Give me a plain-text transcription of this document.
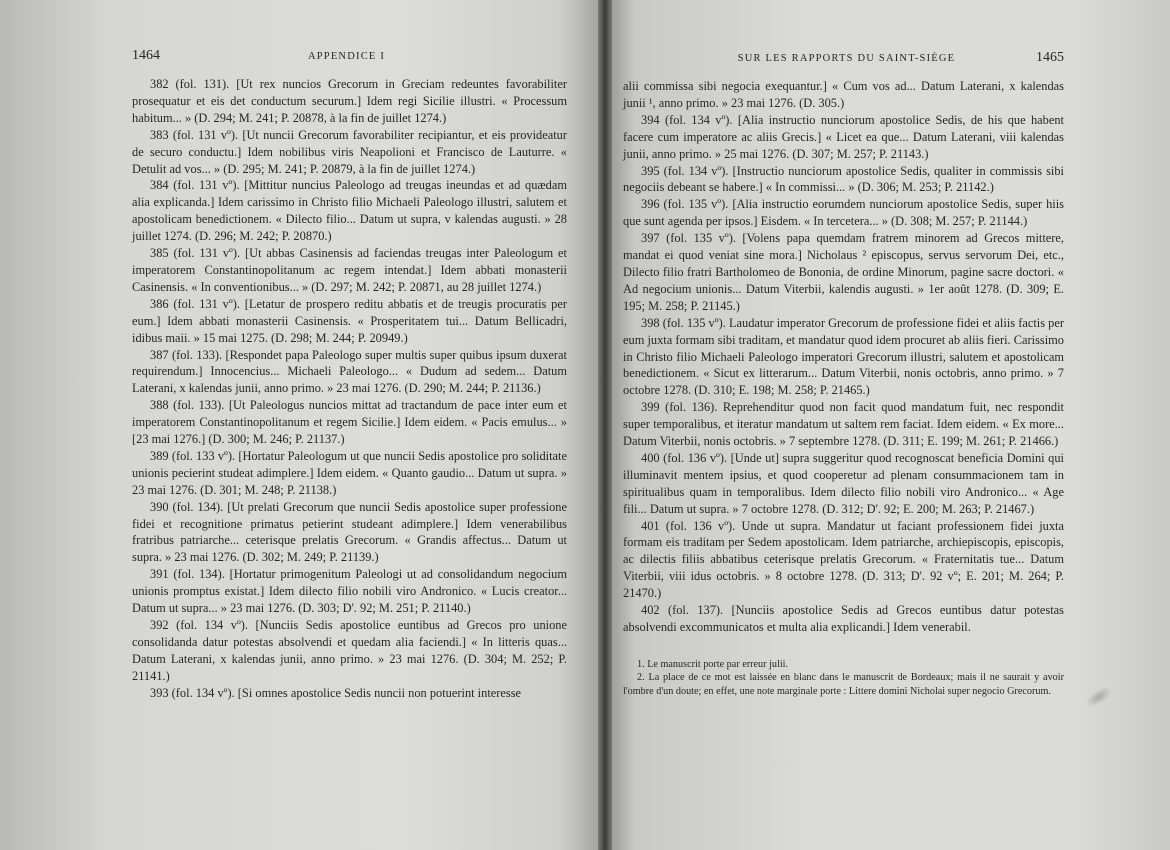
1464	APPENDICE I

382 (fol. 131). [Ut rex nuncios Grecorum in Greciam redeuntes favorabiliter prosequatur et eis det conductum securum.] Idem regi Sicilie illustri. « Processum habitum... » (D. 294; M. 241; P. 20878, à la fin de juillet 1274.)

383 (fol. 131 vº). [Ut nuncii Grecorum favorabiliter recipiantur, et eis provideatur de securo conductu.] Idem nobilibus viris Neapolioni et Francisco de Lauturre. « Detulit ad vos... » (D. 295; M. 241; P. 20879, à la fin de juillet 1274.)

384 (fol. 131 vº). [Mittitur nuncius Paleologo ad treugas ineundas et ad quædam alia explicanda.] Idem carissimo in Christo filio Michaeli Paleologo illustri, salutem et apostolicam benedictionem. « Dilecto filio... Datum ut supra, v kalendas augusti. » 28 juillet 1274. (D. 296; M. 242; P. 20870.)

385 (fol. 131 vº). [Ut abbas Casinensis ad faciendas treugas inter Paleologum et imperatorem Constantinopolitanum ac regem intendat.] Idem abbati monasterii Casinensis. « In conventionibus... » (D. 297; M. 242; P. 20871, au 28 juillet 1274.)

386 (fol. 131 vº). [Letatur de prospero reditu abbatis et de treugis procuratis per eum.] Idem abbati monasterii Casinensis. « Prosperitatem tui... Datum Bellicadri, idibus maii. » 15 mai 1275. (D. 298; M. 244; P. 20949.)

387 (fol. 133). [Respondet papa Paleologo super multis super quibus ipsum duxerat requirendum.] Innocencius... Michaeli Paleologo... « Dudum ad sedem... Datum Laterani, x kalendas junii, anno primo. » 23 mai 1276. (D. 290; M. 244; P. 21136.)

388 (fol. 133). [Ut Paleologus nuncios mittat ad tractandum de pace inter eum et imperatorem Constantinopolitanum et regem Sicilie.] Idem eidem. « Pacis emulus... » [23 mai 1276.] (D. 300; M. 246; P. 21137.)

389 (fol. 133 vº). [Hortatur Paleologum ut que nuncii Sedis apostolice pro soliditate unionis pecierint studeat adimplere.] Idem eidem. « Quanto gaudio... Datum ut supra. » 23 mai 1276. (D. 301; M. 248; P. 21138.)

390 (fol. 134). [Ut prelati Grecorum que nuncii Sedis apostolice super professione fidei et recognitione primatus petierint studeant adimplere.] Idem venerabilibus fratribus patriarche... ceterisque prelatis Grecorum. « Grandis affectus... Datum ut supra. » 23 mai 1276. (D. 302; M. 249; P. 21139.)

391 (fol. 134). [Hortatur primogenitum Paleologi ut ad consolidandum negocium unionis promptus existat.] Idem dilecto filio nobili viro Andronico. « Lucis creator... Datum ut supra... » 23 mai 1276. (D. 303; D'. 92; M. 251; P. 21140.)

392 (fol. 134 vº). [Nunciis Sedis apostolice euntibus ad Grecos pro unione consolidanda datur potestas absolvendi et quedam alia faciendi.] « In litteris quas... Datum Laterani, x kalendas junii, anno primo. » 23 mai 1276. (D. 304; M. 252; P. 21141.)

393 (fol. 134 vº). [Si omnes apostolice Sedis nuncii non potuerint interesse

SUR LES RAPPORTS DU SAINT-SIÈGE	1465

alii commissa sibi negocia exequantur.] « Cum vos ad... Datum Laterani, x kalendas junii ¹, anno primo. » 23 mai 1276. (D. 305.)

394 (fol. 134 vº). [Alia instructio nunciorum apostolice Sedis, de his que habent facere cum imperatore ac aliis Grecis.] « Licet ea que... Datum Laterani, viii kalendas junii, anno primo. » 25 mai 1276. (D. 307; M. 257; P. 21143.)

395 (fol. 134 vº). [Instructio nunciorum apostolice Sedis, qualiter in commissis sibi negociis debeant se habere.] « In commissi... » (D. 306; M. 253; P. 21142.)

396 (fol. 135 vº). [Alia instructio eorumdem nunciorum apostolice Sedis, super hiis que sunt agenda per ipsos.] Eisdem. « In tercetera... » (D. 308; M. 257; P. 21144.)

397 (fol. 135 vº). [Volens papa quemdam fratrem minorem ad Grecos mittere, mandat ei quod veniat sine mora.] Nicholaus ² episcopus, servus servorum Dei, etc., Dilecto filio fratri Bartholomeo de Bononia, de ordine Minorum, pagine sacre doctori. « Ad negocium unionis... Datum Viterbii, kalendis augusti. » 1er août 1278. (D. 309; E. 195; M. 258; P. 21145.)

398 (fol. 135 vº). Laudatur imperator Grecorum de professione fidei et aliis factis per eum juxta formam sibi traditam, et mandatur quod idem procuret ab aliis fieri. Carissimo in Christo filio Michaeli Paleologo imperatori Grecorum illustri, salutem et apostolicam benedictionem. « Sicut ex litterarum... Datum Viterbii, nonis octobris, anno primo. » 7 octobre 1278. (D. 310; E. 198; M. 258; P. 21465.)

399 (fol. 136). Reprehenditur quod non facit quod mandatum fuit, nec respondit super temporalibus, et iteratur mandatum ut saltem rem faciat. Idem eidem. « Ex more... Datum Viterbii, nonis octobris. » 7 septembre 1278. (D. 311; E. 199; M. 261; P. 21466.)

400 (fol. 136 vº). [Unde ut] supra suggeritur quod recognoscat beneficia Domini qui illuminavit mentem ipsius, et quod cooperetur ad plenam consummacionem tam in spiritualibus quam in temporalibus. Idem dilecto filio nobili viro Andronico... « Age fili... Datum ut supra. » 7 octobre 1278. (D. 312; D'. 92; E. 200; M. 263; P. 21467.)

401 (fol. 136 vº). Unde ut supra. Mandatur ut faciant professionem fidei juxta formam eis traditam per Sedem apostolicam. Idem patriarche, archiepiscopis, episcopis, ac dilectis filiis abbatibus ceterisque prelatis Grecorum. « Fraternitatis tue... Datum Viterbii, viii idus octobris. » 8 octobre 1278. (D. 313; D'. 92 vº; E. 201; M. 264; P. 21470.)

402 (fol. 137). [Nunciis apostolice Sedis ad Grecos euntibus datur potestas absolvendi excommunicatos et multa alia explicandi.] Idem venerabil.

1. Le manuscrit porte par erreur julii.

2. La place de ce mot est laissée en blanc dans le manuscrit de Bordeaux; mais il ne saurait y avoir l'ombre d'un doute; en effet, une note marginale porte : Littere domini Nicholai super negocio Grecorum.
